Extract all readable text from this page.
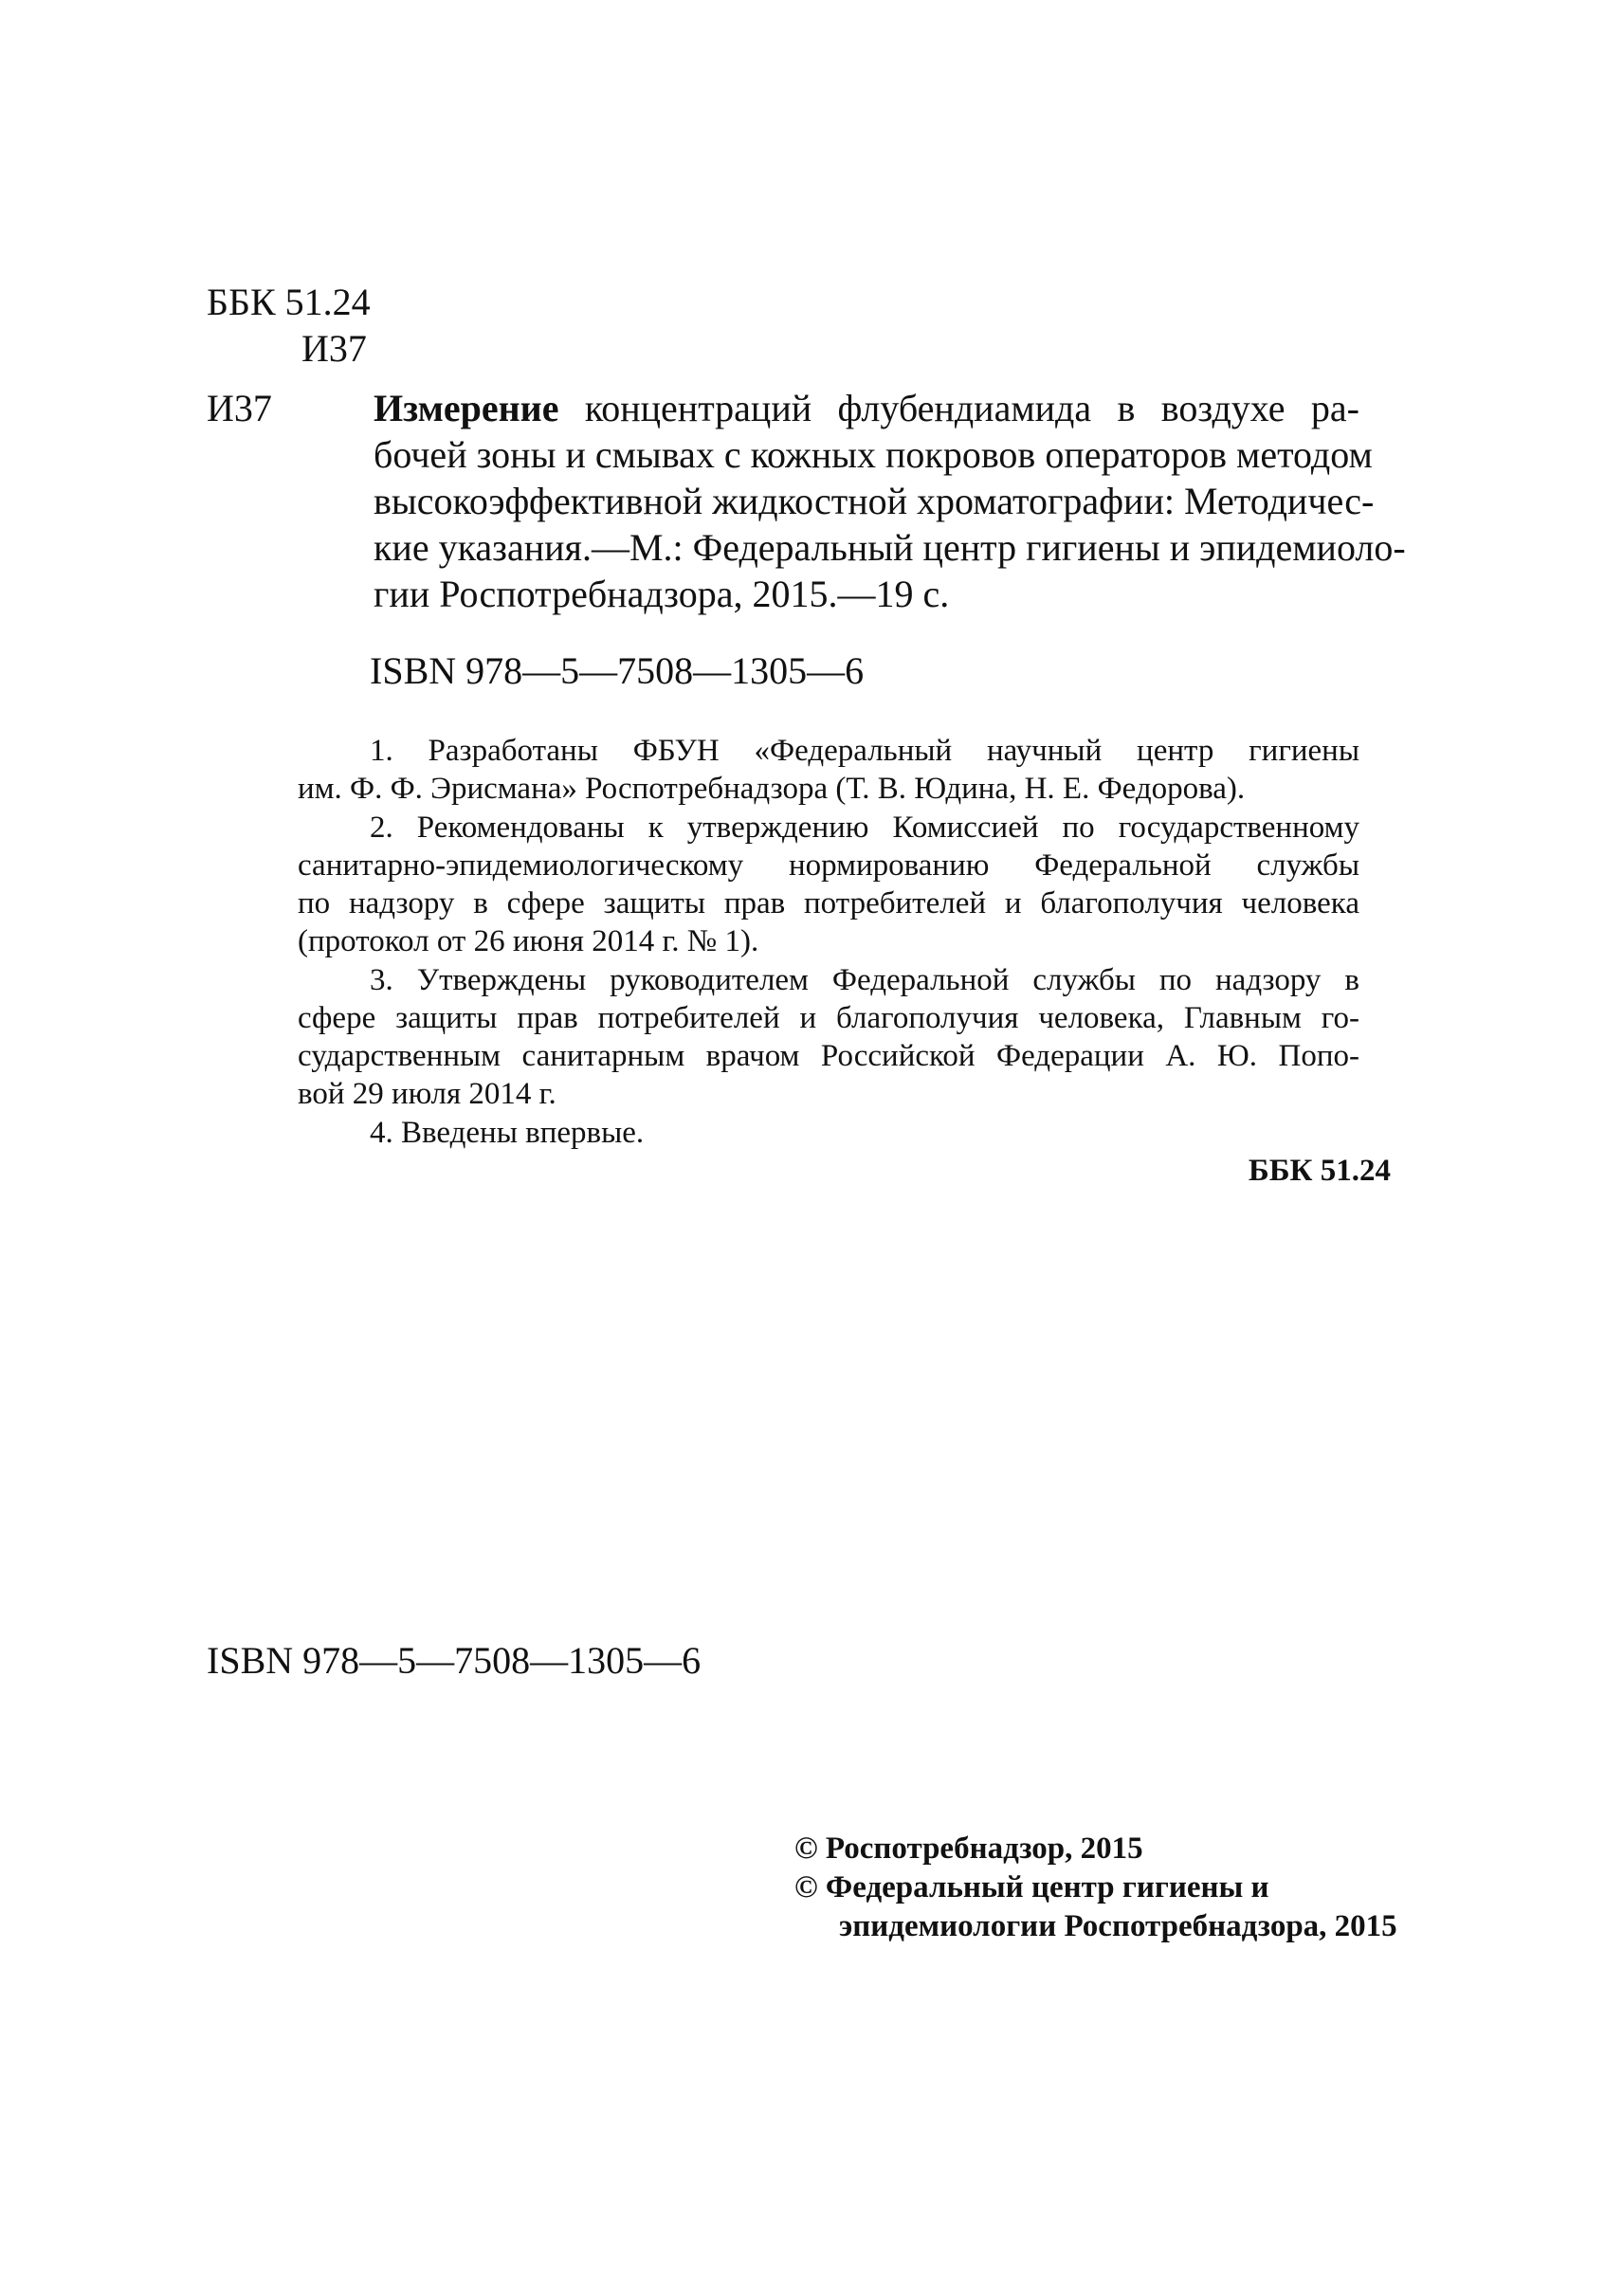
ББК 51.24
И37
И37	Измерение концентраций флубендиамида в воздухе ра-
бочей зоны и смывах с кожных покровов операторов методом
высокоэффективной жидкостной хроматографии: Методичес-
кие указания.—М.: Федеральный центр гигиены и эпидемиоло-
гии Роспотребнадзора, 2015.—19 с.
ISBN 978—5—7508—1305—6
1. Разработаны ФБУН «Федеральный научный центр гигиены
им. Ф. Ф. Эрисмана» Роспотребнадзора (Т. В. Юдина, Н. Е. Федорова).
2. Рекомендованы к утверждению Комиссией по государственному
санитарно-эпидемиологическому нормированию Федеральной службы
по надзору в сфере защиты прав потребителей и благополучия человека
(протокол от 26 июня 2014 г. № 1).
3. Утверждены руководителем Федеральной службы по надзору в
сфере защиты прав потребителей и благополучия человека, Главным го-
сударственным санитарным врачом Российской Федерации А. Ю. Попо-
вой 29 июля 2014 г.
4. Введены впервые.
ББК 51.24
ISBN 978—5—7508—1305—6
© Роспотребнадзор, 2015
© Федеральный центр гигиены и
эпидемиологии Роспотребнадзора, 2015
